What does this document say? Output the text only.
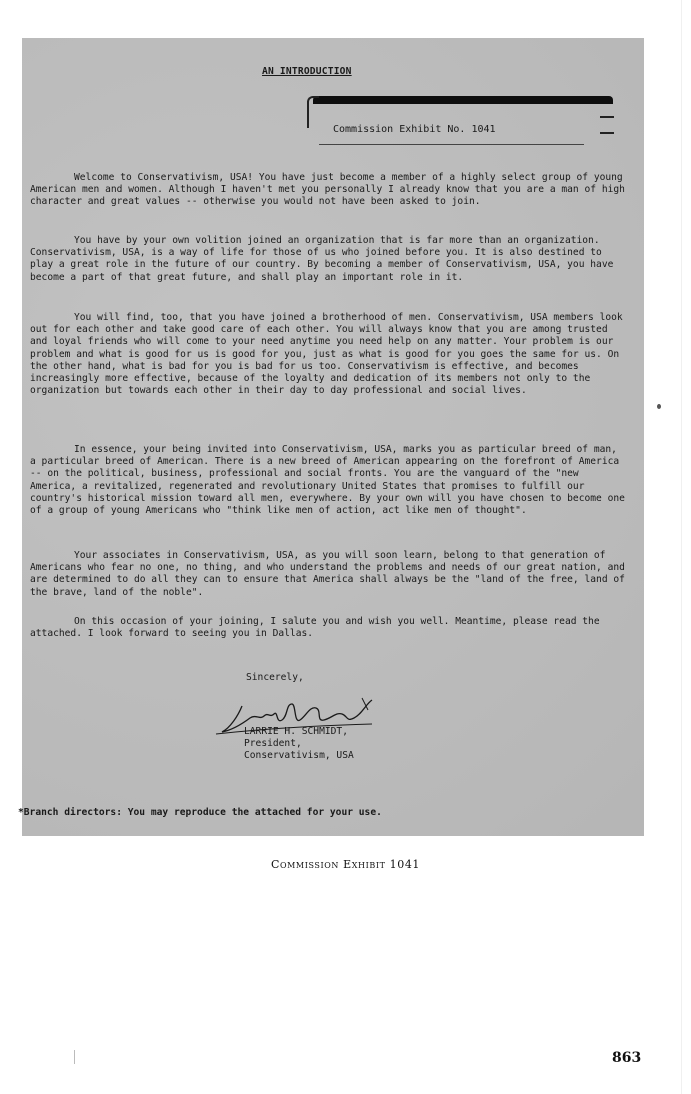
AN INTRODUCTION
Commission Exhibit No. 1041

Welcome to Conservativism, USA! You have just become a member of a highly select group of young American men and women. Although I haven't met you personally I already know that you are a man of high character and great values -- otherwise you would not have been asked to join.

You have by your own volition joined an organization that is far more than an organization. Conservativism, USA, is a way of life for those of us who joined before you. It is also destined to play a great role in the future of our country. By becoming a member of Conservativism, USA, you have become a part of that great future, and shall play an important role in it.

You will find, too, that you have joined a brotherhood of men. Conservativism, USA members look out for each other and take good care of each other. You will always know that you are among trusted and loyal friends who will come to your need anytime you need help on any matter. Your problem is our problem and what is good for us is good for you, just as what is good for you goes the same for us. On the other hand, what is bad for you is bad for us too. Conservativism is effective, and becomes increasingly more effective, because of the loyalty and dedication of its members not only to the organization but towards each other in their day to day professional and social lives.

In essence, your being invited into Conservativism, USA, marks you as particular breed of man, a particular breed of American. There is a new breed of American appearing on the forefront of America -- on the political, business, professional and social fronts. You are the vanguard of the "new America, a revitalized, regenerated and revolutionary United States that promises to fulfill our country's historical mission toward all men, everywhere. By your own will you have chosen to become one of a group of young Americans who "think like men of action, act like men of thought".

Your associates in Conservativism, USA, as you will soon learn, belong to that generation of Americans who fear no one, no thing, and who understand the problems and needs of our great nation, and are determined to do all they can to ensure that America shall always be the "land of the free, land of the brave, land of the noble".

On this occasion of your joining, I salute you and wish you well. Meantime, please read the attached. I look forward to seeing you in Dallas.

Sincerely,
LARRIE H. SCHMIDT,
President,
Conservativism, USA
*Branch directors: You may reproduce the attached for your use.
Commission Exhibit 1041
863
